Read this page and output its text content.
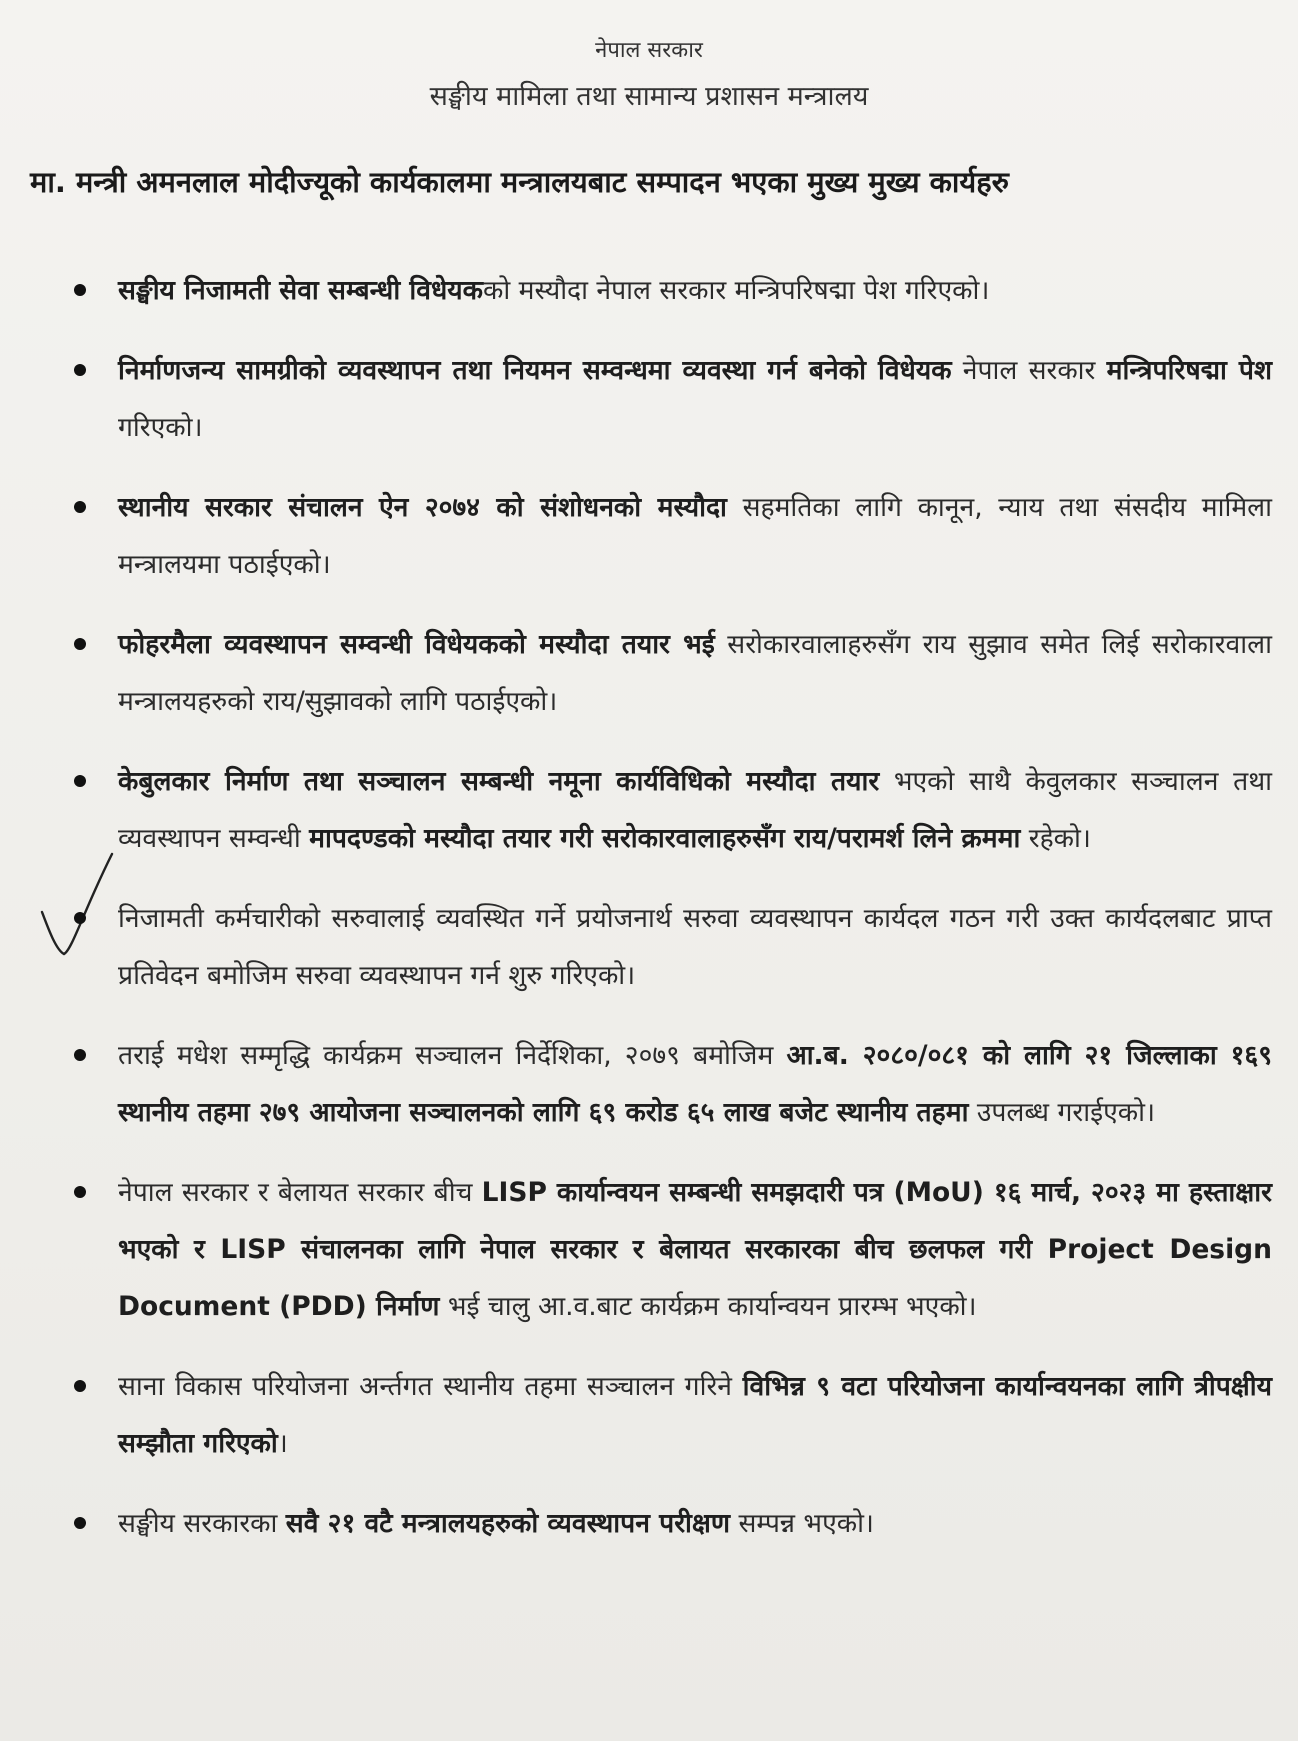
नेपाल सरकार
सङ्घीय मामिला तथा सामान्य प्रशासन मन्त्रालय
मा. मन्त्री अमनलाल मोदीज्यूको कार्यकालमा मन्त्रालयबाट सम्पादन भएका मुख्य मुख्य कार्यहरु
सङ्घीय निजामती सेवा सम्बन्धी विधेयकको मस्यौदा नेपाल सरकार मन्त्रिपरिषद्मा पेश गरिएको।
निर्माणजन्य सामग्रीको व्यवस्थापन तथा नियमन सम्वन्धमा व्यवस्था गर्न बनेको विधेयक नेपाल सरकार मन्त्रिपरिषद्मा पेश गरिएको।
स्थानीय सरकार संचालन ऐन २०७४ को संशोधनको मस्यौदा सहमतिका लागि कानून, न्याय तथा संसदीय मामिला मन्त्रालयमा पठाईएको।
फोहरमैला व्यवस्थापन सम्वन्धी विधेयकको मस्यौदा तयार भई सरोकारवालाहरुसँग राय सुझाव समेत लिई सरोकारवाला मन्त्रालयहरुको राय/सुझावको लागि पठाईएको।
केबुलकार निर्माण तथा सञ्चालन सम्बन्धी नमूना कार्यविधिको मस्यौदा तयार भएको साथै केवुलकार सञ्चालन तथा व्यवस्थापन सम्वन्धी मापदण्डको मस्यौदा तयार गरी सरोकारवालाहरुसँग राय/परामर्श लिने क्रममा रहेको।
निजामती कर्मचारीको सरुवालाई व्यवस्थित गर्ने प्रयोजनार्थ सरुवा व्यवस्थापन कार्यदल गठन गरी उक्त कार्यदलबाट प्राप्त प्रतिवेदन बमोजिम सरुवा व्यवस्थापन गर्न शुरु गरिएको।
तराई मधेश सम्मृद्धि कार्यक्रम सञ्चालन निर्देशिका, २०७९ बमोजिम आ.ब. २०८०/०८१ को लागि २१ जिल्लाका १६९ स्थानीय तहमा २७९ आयोजना सञ्चालनको लागि ६९ करोड ६५ लाख बजेट स्थानीय तहमा उपलब्ध गराईएको।
नेपाल सरकार र बेलायत सरकार बीच LISP कार्यान्वयन सम्बन्धी समझदारी पत्र (MoU) १६ मार्च, २०२३ मा हस्ताक्षार भएको र LISP संचालनका लागि नेपाल सरकार र बेलायत सरकारका बीच छलफल गरी Project Design Document (PDD) निर्माण भई चालु आ.व.बाट कार्यक्रम कार्यान्वयन प्रारम्भ भएको।
साना विकास परियोजना अर्न्तगत स्थानीय तहमा सञ्चालन गरिने विभिन्न ९ वटा परियोजना कार्यान्वयनका लागि त्रीपक्षीय सम्झौता गरिएको।
सङ्घीय सरकारका सवै २१ वटै मन्त्रालयहरुको व्यवस्थापन परीक्षण सम्पन्न भएको।
